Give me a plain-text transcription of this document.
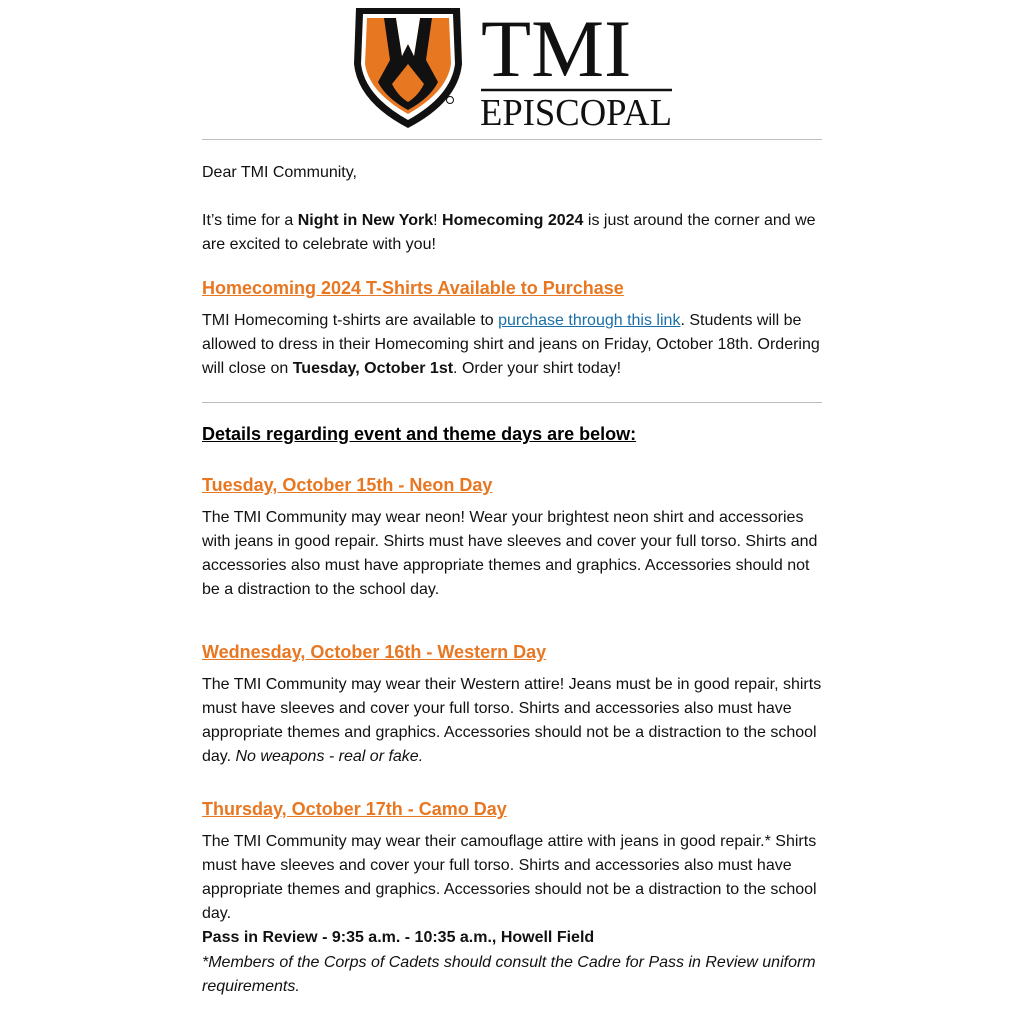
TMI
EPISCOPAL

Dear TMI Community,

It’s time for a Night in New York! Homecoming 2024 is just around the corner and we are excited to celebrate with you!

Homecoming 2024 T-Shirts Available to Purchase

TMI Homecoming t-shirts are available to purchase through this link. Students will be allowed to dress in their Homecoming shirt and jeans on Friday, October 18th. Ordering will close on Tuesday, October 1st. Order your shirt today!

Details regarding event and theme days are below:
Tuesday, October 15th - Neon Day

The TMI Community may wear neon! Wear your brightest neon shirt and accessories with jeans in good repair. Shirts must have sleeves and cover your full torso. Shirts and accessories also must have appropriate themes and graphics. Accessories should not be a distraction to the school day.

Wednesday, October 16th - Western Day

The TMI Community may wear their Western attire! Jeans must be in good repair, shirts must have sleeves and cover your full torso. Shirts and accessories also must have appropriate themes and graphics. Accessories should not be a distraction to the school day. No weapons - real or fake.

Thursday, October 17th - Camo Day

The TMI Community may wear their camouflage attire with jeans in good repair.* Shirts must have sleeves and cover your full torso. Shirts and accessories also must have appropriate themes and graphics. Accessories should not be a distraction to the school day.

Pass in Review - 9:35 a.m. - 10:35 a.m., Howell Field

*Members of the Corps of Cadets should consult the Cadre for Pass in Review uniform requirements.
